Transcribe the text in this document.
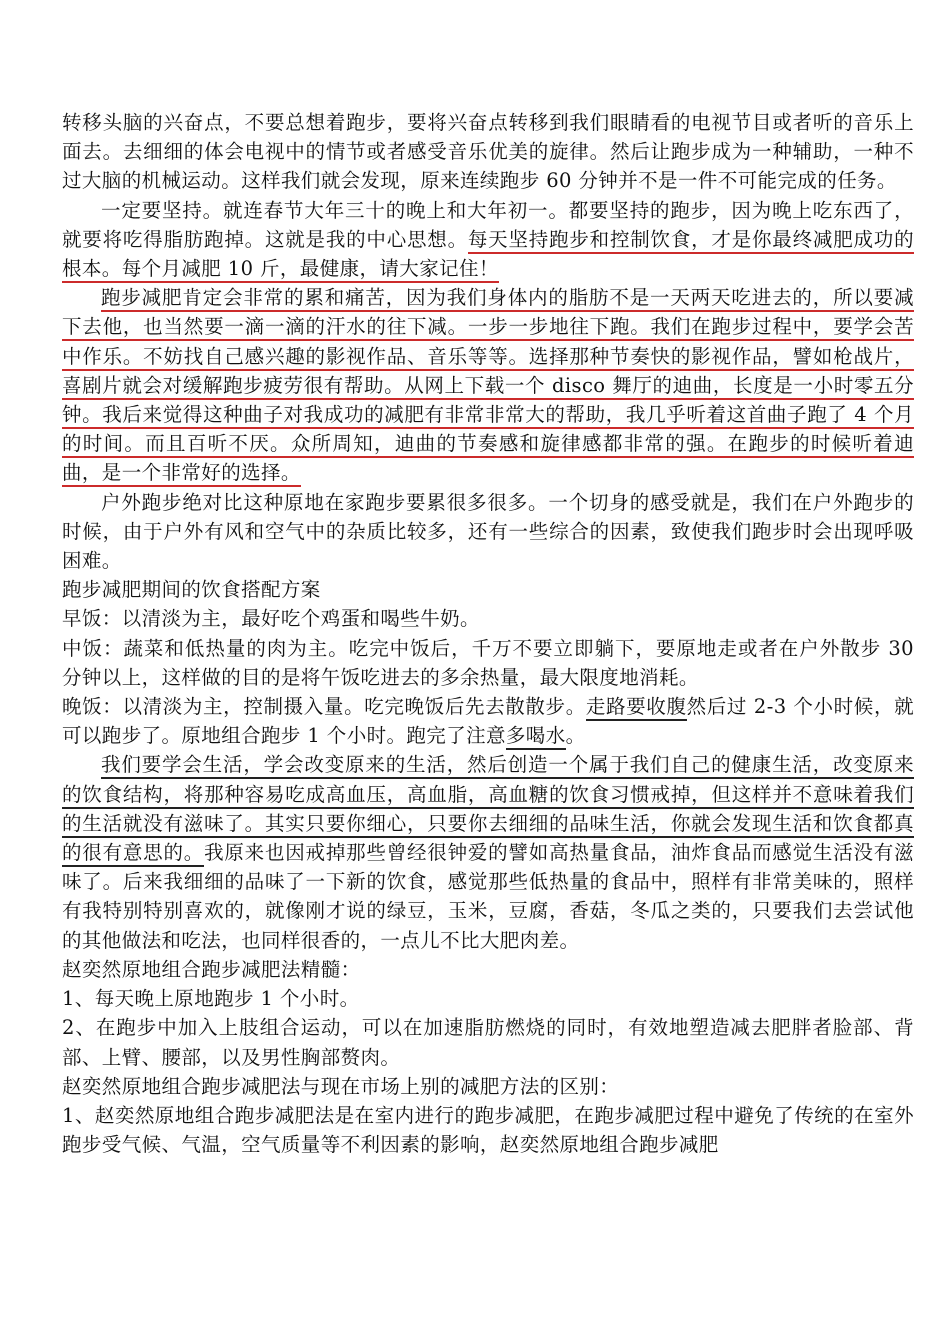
转移头脑的兴奋点，不要总想着跑步，要将兴奋点转移到我们眼睛看的电视节目或者听的音乐上面去。去细细的体会电视中的情节或者感受音乐优美的旋律。然后让跑步成为一种辅助，一种不过大脑的机械运动。这样我们就会发现，原来连续跑步 60 分钟并不是一件不可能完成的任务。

一定要坚持。就连春节大年三十的晚上和大年初一。都要坚持的跑步，因为晚上吃东西了，就要将吃得脂肪跑掉。这就是我的中心思想。每天坚持跑步和控制饮食，才是你最终减肥成功的根本。每个月减肥 10 斤，最健康，请大家记住！

跑步减肥肯定会非常的累和痛苦，因为我们身体内的脂肪不是一天两天吃进去的，所以要减下去他，也当然要一滴一滴的汗水的往下减。一步一步地往下跑。我们在跑步过程中，要学会苦中作乐。不妨找自己感兴趣的影视作品、音乐等等。选择那种节奏快的影视作品，譬如枪战片，喜剧片就会对缓解跑步疲劳很有帮助。从网上下载一个 disco 舞厅的迪曲，长度是一小时零五分钟。我后来觉得这种曲子对我成功的减肥有非常非常大的帮助，我几乎听着这首曲子跑了 4 个月的时间。而且百听不厌。众所周知，迪曲的节奏感和旋律感都非常的强。在跑步的时候听着迪曲，是一个非常好的选择。

户外跑步绝对比这种原地在家跑步要累很多很多。一个切身的感受就是，我们在户外跑步的时候，由于户外有风和空气中的杂质比较多，还有一些综合的因素，致使我们跑步时会出现呼吸困难。

跑步减肥期间的饮食搭配方案

早饭：以清淡为主，最好吃个鸡蛋和喝些牛奶。

中饭：蔬菜和低热量的肉为主。吃完中饭后，千万不要立即躺下，要原地走或者在户外散步 30 分钟以上，这样做的目的是将午饭吃进去的多余热量，最大限度地消耗。

晚饭：以清淡为主，控制摄入量。吃完晚饭后先去散散步。走路要收腹然后过 2-3 个小时候，就可以跑步了。原地组合跑步 1 个小时。跑完了注意多喝水。

我们要学会生活，学会改变原来的生活，然后创造一个属于我们自己的健康生活，改变原来的饮食结构，将那种容易吃成高血压，高血脂，高血糖的饮食习惯戒掉，但这样并不意味着我们的生活就没有滋味了。其实只要你细心，只要你去细细的品味生活，你就会发现生活和饮食都真的很有意思的。我原来也因戒掉那些曾经很钟爱的譬如高热量食品，油炸食品而感觉生活没有滋味了。后来我细细的品味了一下新的饮食，感觉那些低热量的食品中，照样有非常美味的，照样有我特别特别喜欢的，就像刚才说的绿豆，玉米，豆腐，香菇，冬瓜之类的，只要我们去尝试他的其他做法和吃法，也同样很香的，一点儿不比大肥肉差。

赵奕然原地组合跑步减肥法精髓：

1、每天晚上原地跑步 1 个小时。

2、在跑步中加入上肢组合运动，可以在加速脂肪燃烧的同时，有效地塑造减去肥胖者脸部、背部、上臂、腰部，以及男性胸部赘肉。

赵奕然原地组合跑步减肥法与现在市场上别的减肥方法的区别：

1、赵奕然原地组合跑步减肥法是在室内进行的跑步减肥，在跑步减肥过程中避免了传统的在室外跑步受气候、气温，空气质量等不利因素的影响，赵奕然原地组合跑步减肥
